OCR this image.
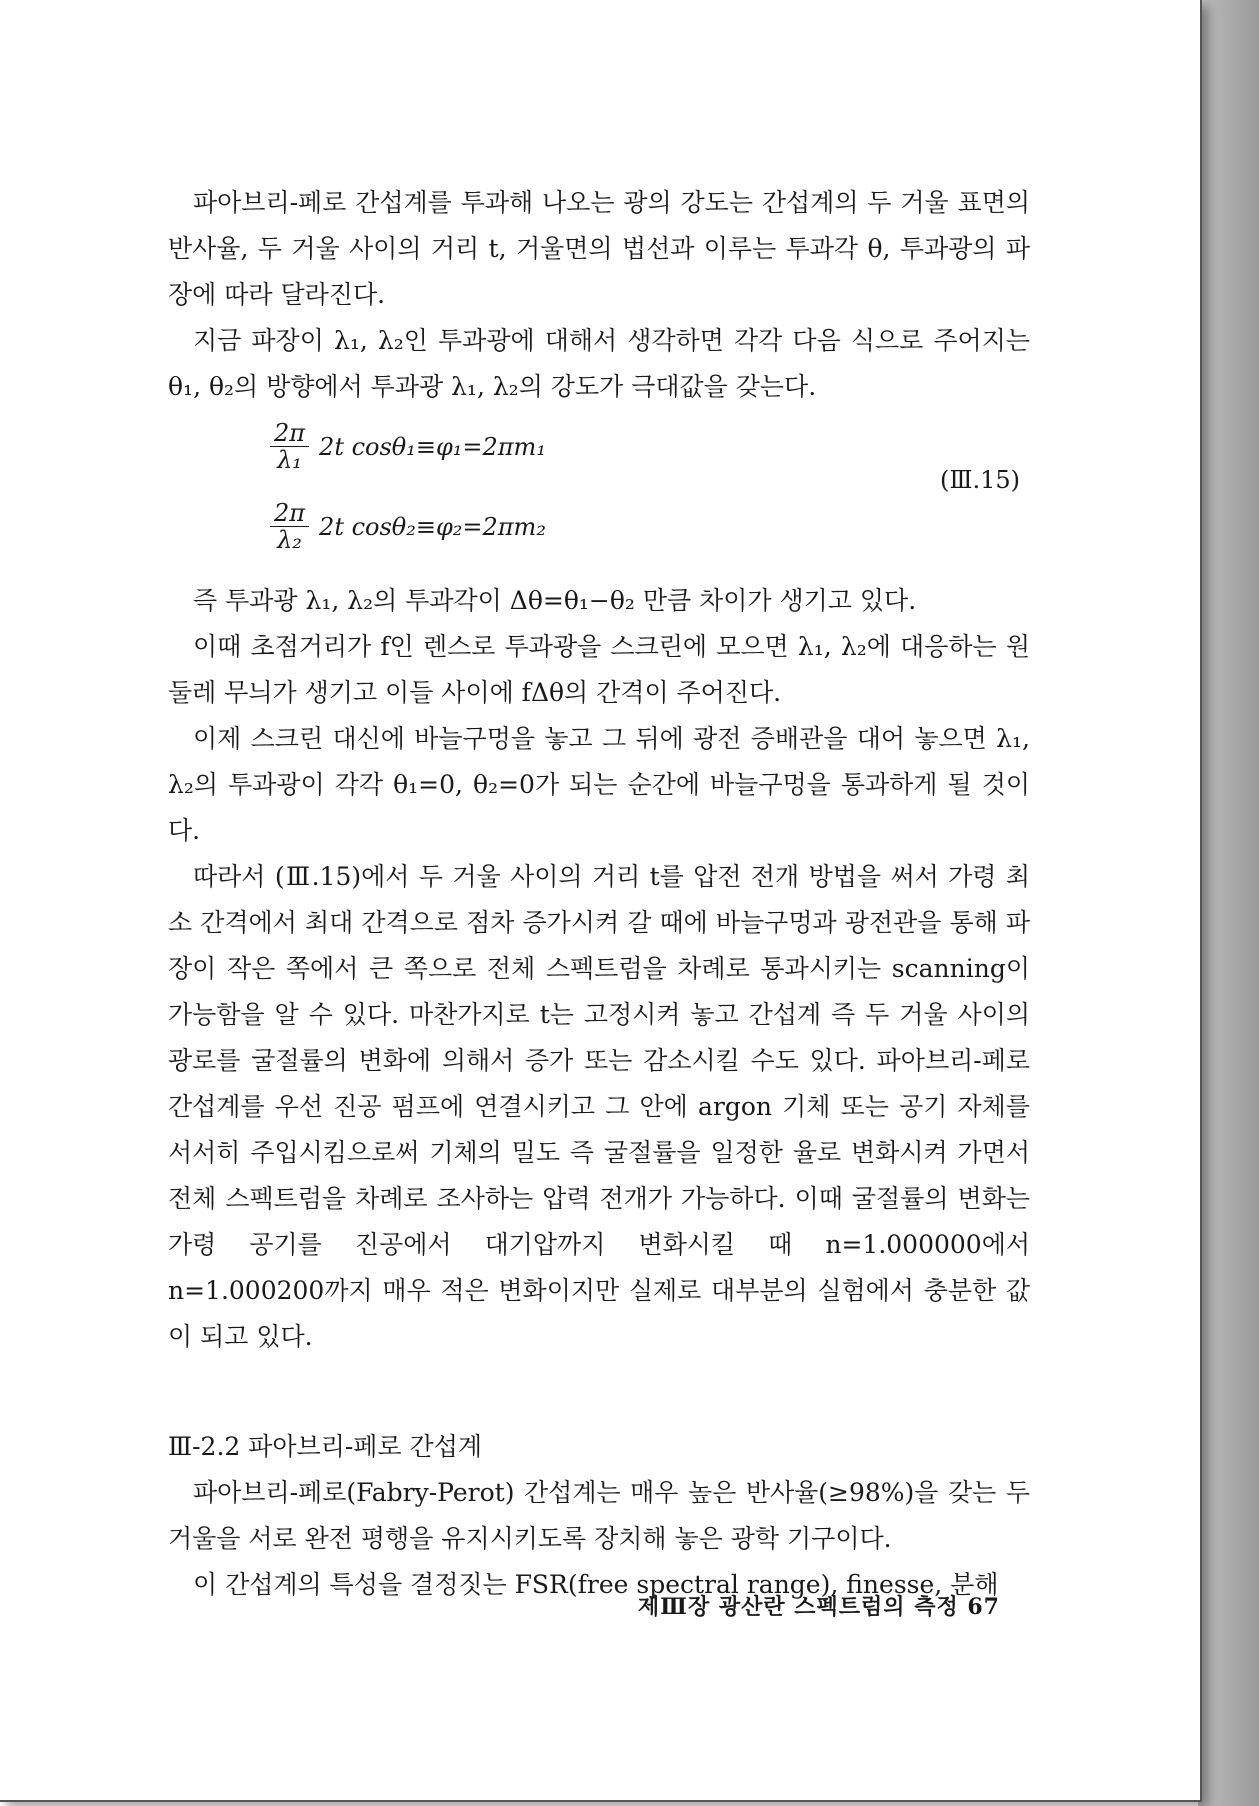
파아브리-페로 간섭계를 투과해 나오는 광의 강도는 간섭계의 두 거울 표면의 반사율, 두 거울 사이의 거리 t, 거울면의 법선과 이루는 투과각 θ, 투과광의 파장에 따라 달라진다.

지금 파장이 λ₁, λ₂인 투과광에 대해서 생각하면 각각 다음 식으로 주어지는 θ₁, θ₂의 방향에서 투과광 λ₁, λ₂의 강도가 극대값을 갖는다.

$\frac{2\pi}{\text{λ₁}} 2t$ cosθ₁≡φ₁=2πm₁
$\frac{2\pi}{\text{λ₂}} 2t$ cosθ₂≡φ₂=2πm₂
(Ⅲ.15)

즉 투과광 λ₁, λ₂의 투과각이 Δθ=θ₁−θ₂ 만큼 차이가 생기고 있다.

이때 초점거리가 f인 렌스로 투과광을 스크린에 모으면 λ₁, λ₂에 대응하는 원 둘레 무늬가 생기고 이들 사이에 fΔθ의 간격이 주어진다.

이제 스크린 대신에 바늘구멍을 놓고 그 뒤에 광전 증배관을 대어 놓으면 λ₁, λ₂의 투과광이 각각 θ₁=0, θ₂=0가 되는 순간에 바늘구멍을 통과하게 될 것이다.

따라서 (Ⅲ.15)에서 두 거울 사이의 거리 t를 압전 전개 방법을 써서 가령 최소 간격에서 최대 간격으로 점차 증가시켜 갈 때에 바늘구멍과 광전관을 통해 파장이 작은 쪽에서 큰 쪽으로 전체 스펙트럼을 차례로 통과시키는 scanning이 가능함을 알 수 있다. 마찬가지로 t는 고정시켜 놓고 간섭계 즉 두 거울 사이의 광로를 굴절률의 변화에 의해서 증가 또는 감소시킬 수도 있다. 파아브리-페로 간섭계를 우선 진공 펌프에 연결시키고 그 안에 argon 기체 또는 공기 자체를 서서히 주입시킴으로써 기체의 밀도 즉 굴절률을 일정한 율로 변화시켜 가면서 전체 스펙트럼을 차례로 조사하는 압력 전개가 가능하다. 이때 굴절률의 변화는 가령 공기를 진공에서 대기압까지 변화시킬 때 n=1.000000에서 n=1.000200까지 매우 적은 변화이지만 실제로 대부분의 실험에서 충분한 값이 되고 있다.

Ⅲ-2.2 파아브리-페로 간섭계

파아브리-페로(Fabry-Perot) 간섭계는 매우 높은 반사율(≥98%)을 갖는 두 거울을 서로 완전 평행을 유지시키도록 장치해 놓은 광학 기구이다.

이 간섭계의 특성을 결정짓는 FSR(free spectral range), finesse, 분해

제Ⅲ장 광산란 스펙트럼의 측정 67
